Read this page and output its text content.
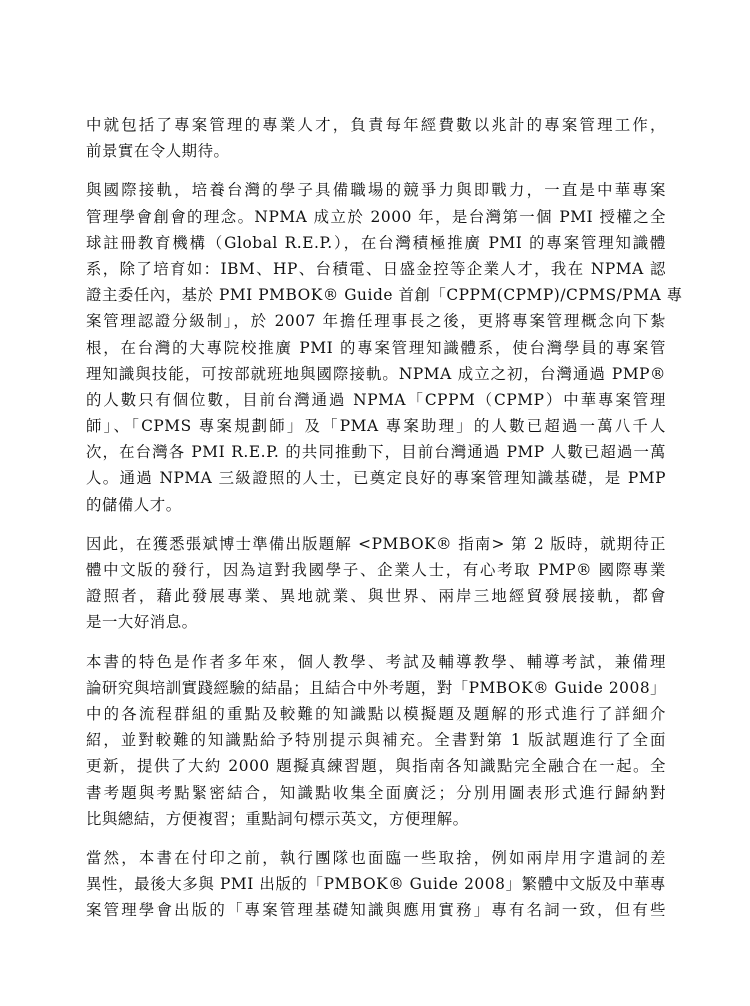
中就包括了專案管理的專業人才，負責每年經費數以兆計的專案管理工作，
前景實在令人期待。
與國際接軌，培養台灣的學子具備職場的競爭力與即戰力，一直是中華專案
管理學會創會的理念。NPMA 成立於 2000 年，是台灣第一個 PMI 授權之全
球註冊教育機構（Global R.E.P.），在台灣積極推廣 PMI 的專案管理知識體
系，除了培育如：IBM、HP、台積電、日盛金控等企業人才，我在 NPMA 認
證主委任內，基於 PMI PMBOK® Guide 首創「CPPM(CPMP)/CPMS/PMA 專
案管理認證分級制」，於 2007 年擔任理事長之後，更將專案管理概念向下紮
根，在台灣的大專院校推廣 PMI 的專案管理知識體系，使台灣學員的專案管
理知識與技能，可按部就班地與國際接軌。NPMA 成立之初，台灣通過 PMP®
的人數只有個位數，目前台灣通過 NPMA「CPPM（CPMP）中華專案管理
師」、「CPMS 專案規劃師」及「PMA 專案助理」的人數已超過一萬八千人
次，在台灣各 PMI R.E.P. 的共同推動下，目前台灣通過 PMP 人數已超過一萬
人。通過 NPMA 三級證照的人士，已奠定良好的專案管理知識基礎，是 PMP
的儲備人才。
因此，在獲悉張斌博士準備出版題解 <PMBOK® 指南> 第 2 版時，就期待正
體中文版的發行，因為這對我國學子、企業人士，有心考取 PMP® 國際專業
證照者，藉此發展專業、異地就業、與世界、兩岸三地經貿發展接軌，都會
是一大好消息。
本書的特色是作者多年來，個人教學、考試及輔導教學、輔導考試，兼備理
論研究與培訓實踐經驗的結晶；且結合中外考題，對「PMBOK® Guide 2008」
中的各流程群組的重點及較難的知識點以模擬題及題解的形式進行了詳細介
紹，並對較難的知識點給予特別提示與補充。全書對第 1 版試題進行了全面
更新，提供了大約 2000 題擬真練習題，與指南各知識點完全融合在一起。全
書考題與考點緊密結合，知識點收集全面廣泛；分別用圖表形式進行歸納對
比與總結，方便複習；重點詞句標示英文，方便理解。
當然，本書在付印之前，執行團隊也面臨一些取捨，例如兩岸用字遣詞的差
異性，最後大多與 PMI 出版的「PMBOK® Guide 2008」繁體中文版及中華專
案管理學會出版的「專案管理基礎知識與應用實務」專有名詞一致，但有些
